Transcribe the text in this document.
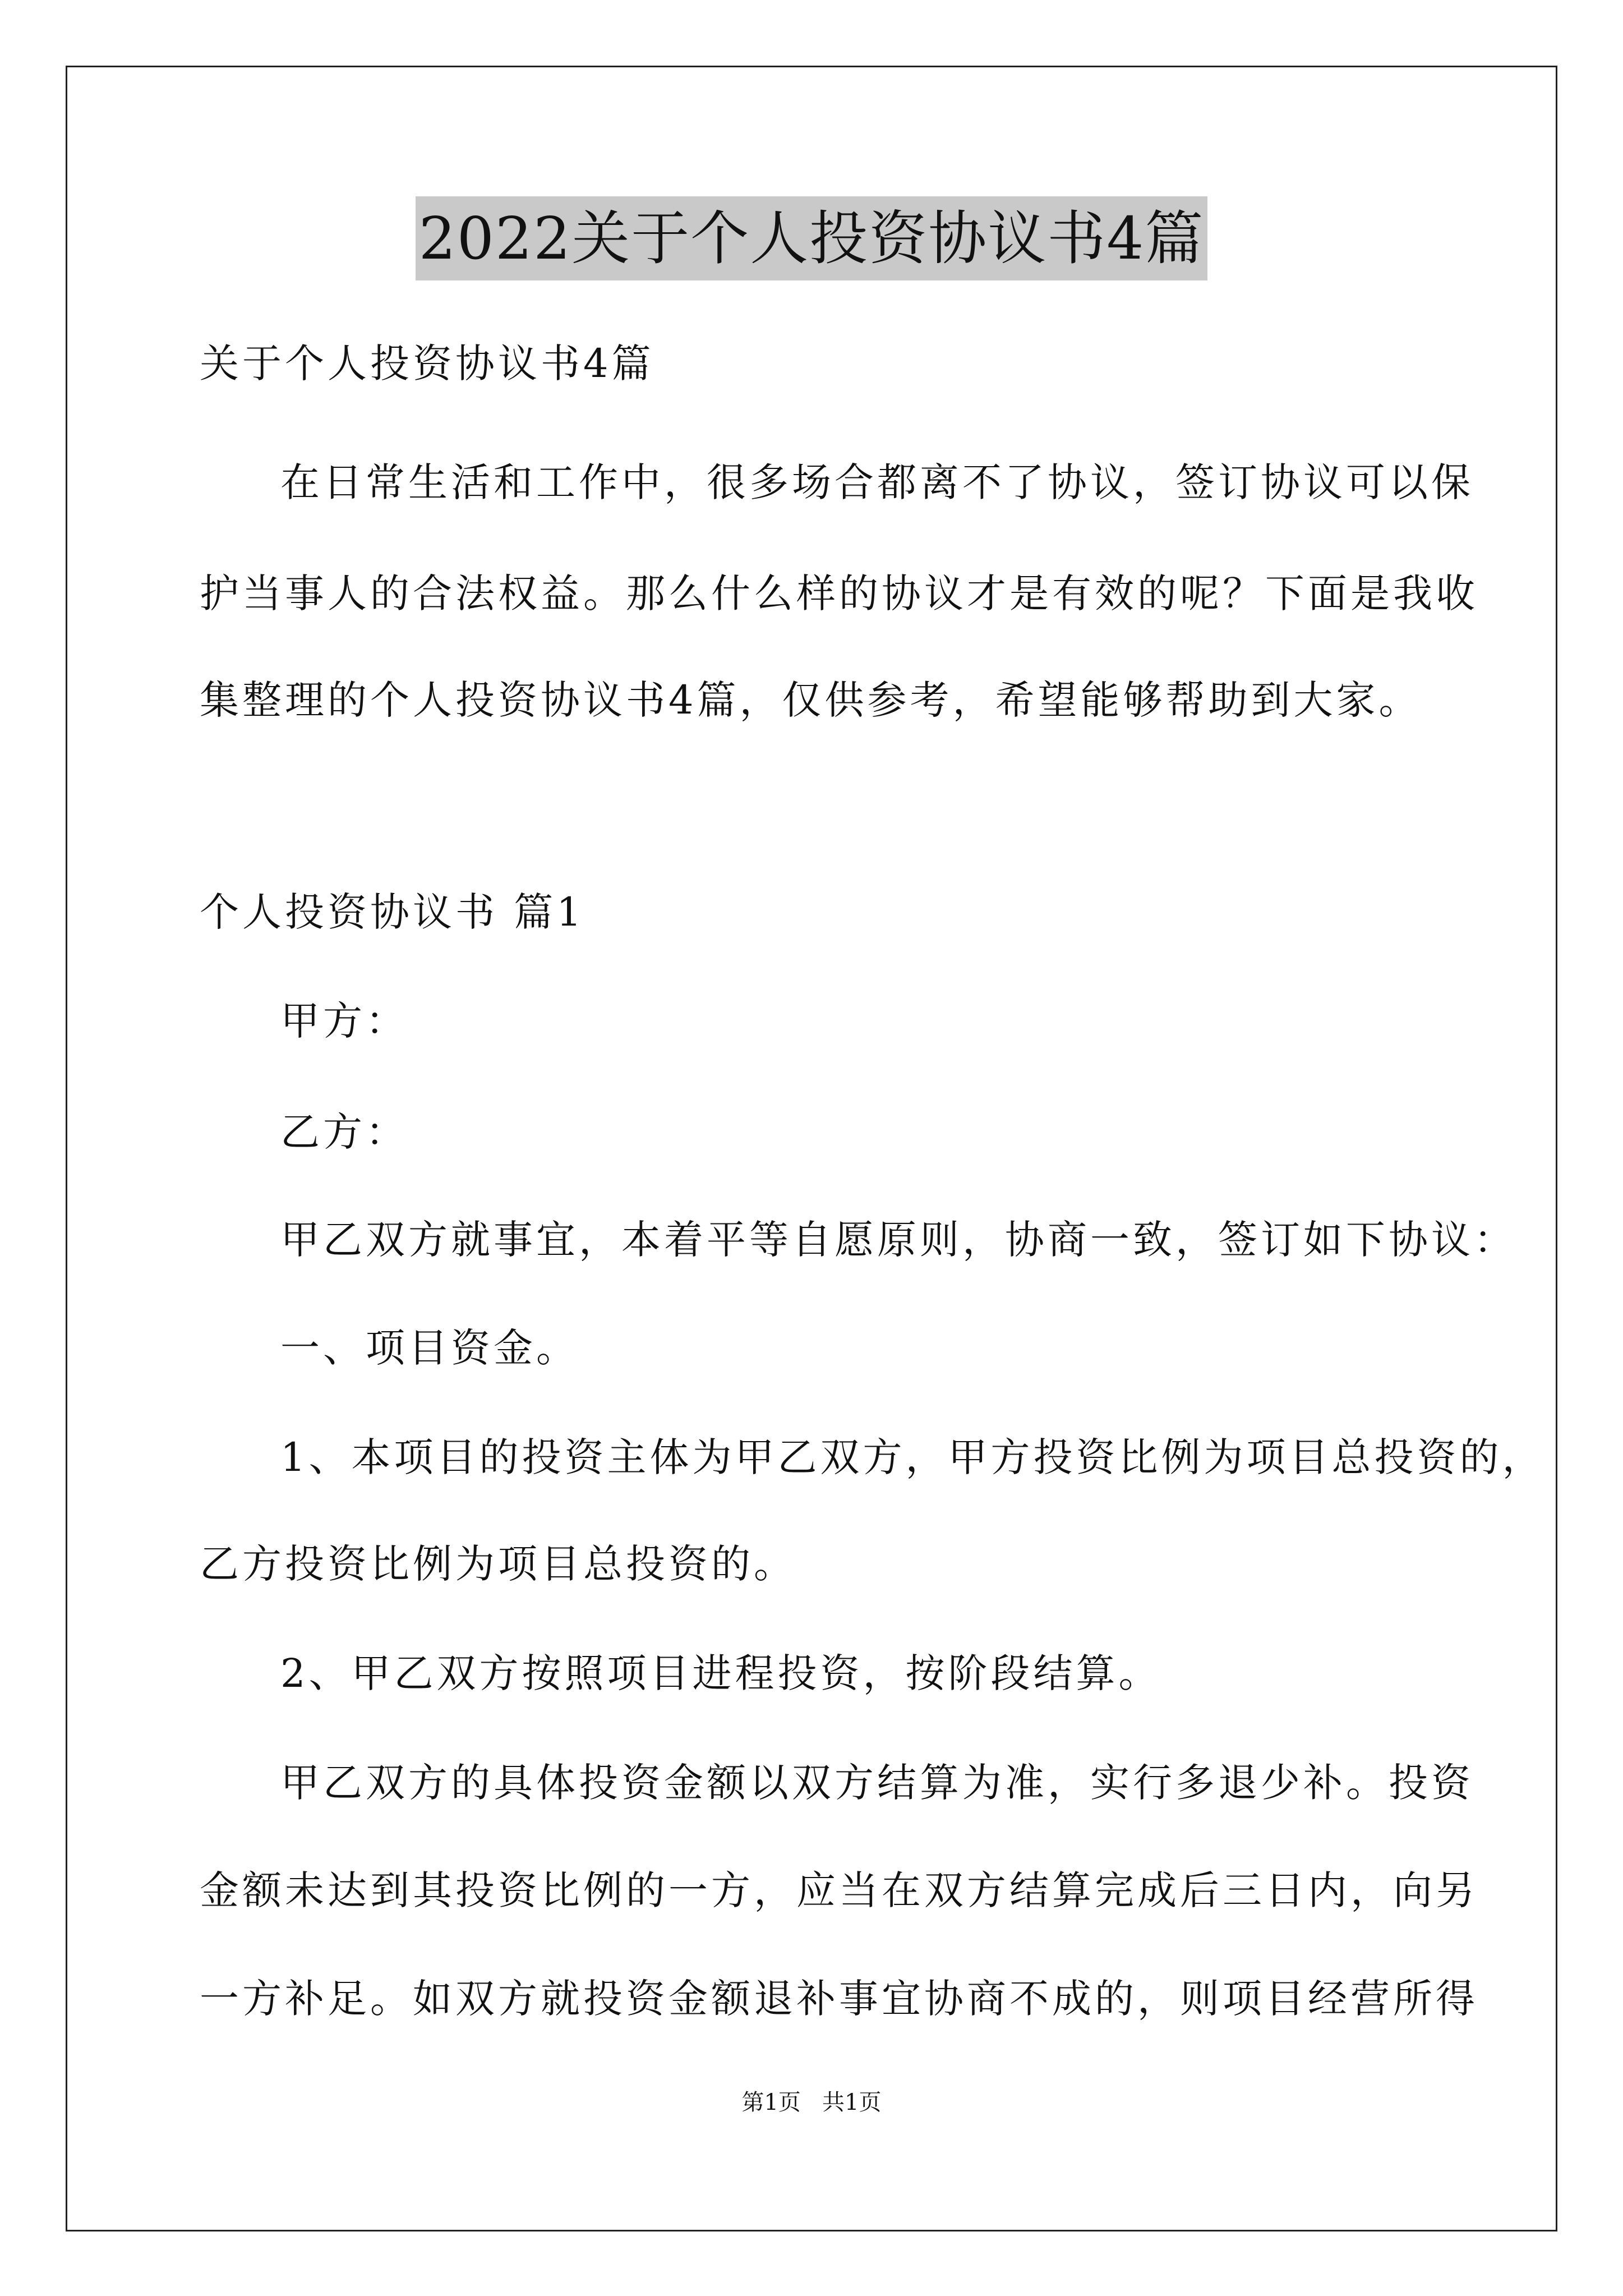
2022关于个人投资协议书4篇
关于个人投资协议书4篇
在日常生活和工作中，很多场合都离不了协议，签订协议可以保
护当事人的合法权益。那么什么样的协议才是有效的呢？下面是我收
集整理的个人投资协议书4篇，仅供参考，希望能够帮助到大家。
个人投资协议书 篇1
甲方：
乙方：
甲乙双方就事宜，本着平等自愿原则，协商一致，签订如下协议：
一、项目资金。
1、本项目的投资主体为甲乙双方，甲方投资比例为项目总投资的，
乙方投资比例为项目总投资的。
2、甲乙双方按照项目进程投资，按阶段结算。
甲乙双方的具体投资金额以双方结算为准，实行多退少补。投资
金额未达到其投资比例的一方，应当在双方结算完成后三日内，向另
一方补足。如双方就投资金额退补事宜协商不成的，则项目经营所得
第1页   共1页
